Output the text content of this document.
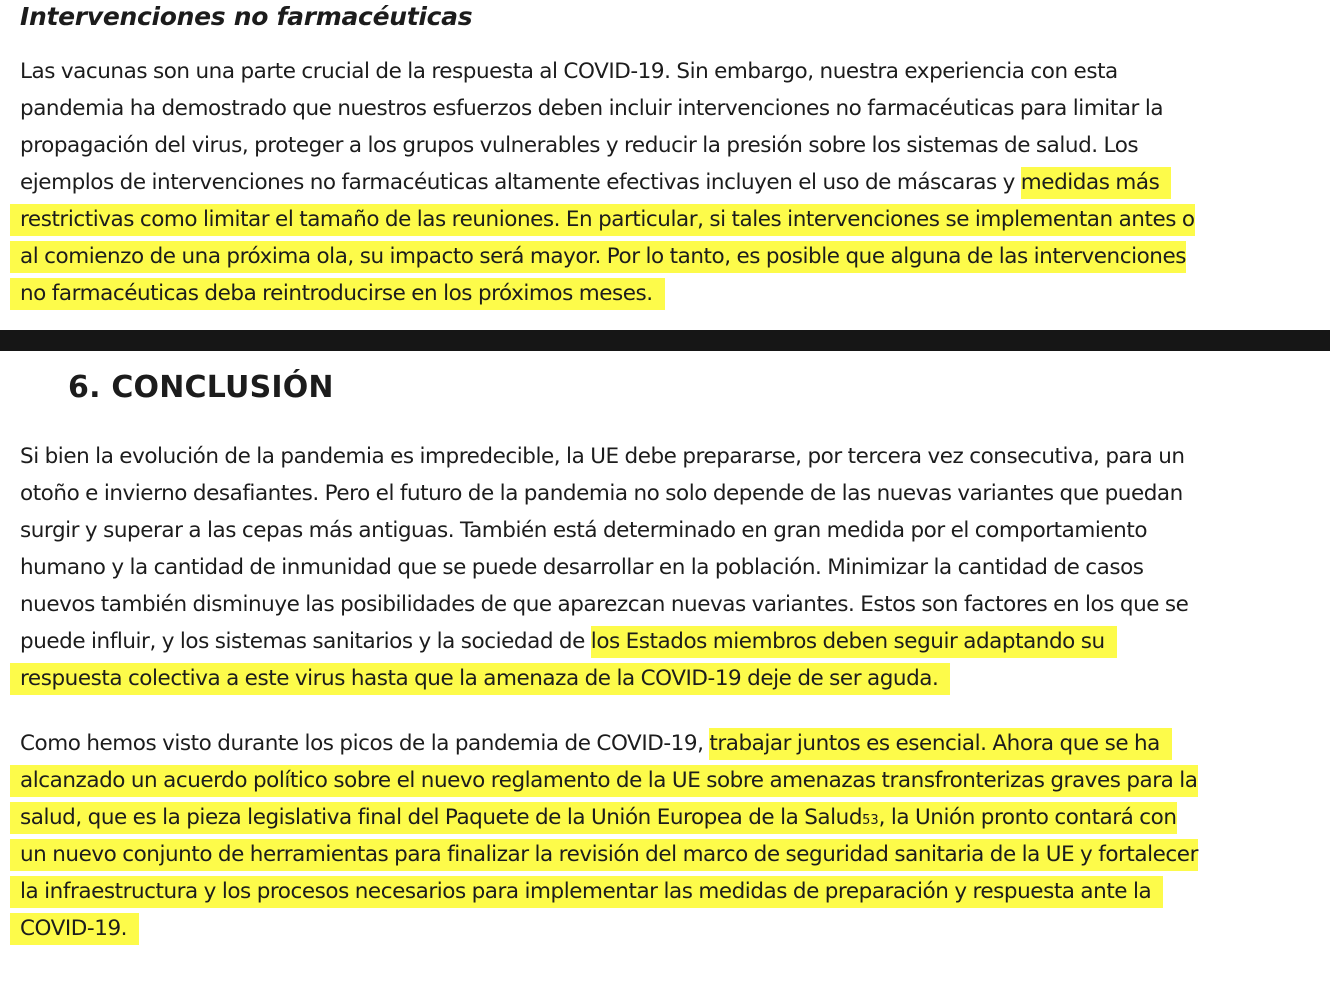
Intervenciones no farmacéuticas
Las vacunas son una parte crucial de la respuesta al COVID-19. Sin embargo, nuestra experiencia con esta
pandemia ha demostrado que nuestros esfuerzos deben incluir intervenciones no farmacéuticas para limitar la
propagación del virus, proteger a los grupos vulnerables y reducir la presión sobre los sistemas de salud. Los
ejemplos de intervenciones no farmacéuticas altamente efectivas incluyen el uso de máscaras y medidas más
restrictivas como limitar el tamaño de las reuniones. En particular, si tales intervenciones se implementan antes o
al comienzo de una próxima ola, su impacto será mayor. Por lo tanto, es posible que alguna de las intervenciones
no farmacéuticas deba reintroducirse en los próximos meses.
6. CONCLUSIÓN
Si bien la evolución de la pandemia es impredecible, la UE debe prepararse, por tercera vez consecutiva, para un
otoño e invierno desafiantes. Pero el futuro de la pandemia no solo depende de las nuevas variantes que puedan
surgir y superar a las cepas más antiguas. También está determinado en gran medida por el comportamiento
humano y la cantidad de inmunidad que se puede desarrollar en la población. Minimizar la cantidad de casos
nuevos también disminuye las posibilidades de que aparezcan nuevas variantes. Estos son factores en los que se
puede influir, y los sistemas sanitarios y la sociedad de los Estados miembros deben seguir adaptando su
respuesta colectiva a este virus hasta que la amenaza de la COVID-19 deje de ser aguda.
Como hemos visto durante los picos de la pandemia de COVID-19, trabajar juntos es esencial. Ahora que se ha
alcanzado un acuerdo político sobre el nuevo reglamento de la UE sobre amenazas transfronterizas graves para la
salud, que es la pieza legislativa final del Paquete de la Unión Europea de la Salud53, la Unión pronto contará con
un nuevo conjunto de herramientas para finalizar la revisión del marco de seguridad sanitaria de la UE y fortalecer
la infraestructura y los procesos necesarios para implementar las medidas de preparación y respuesta ante la
COVID-19.
